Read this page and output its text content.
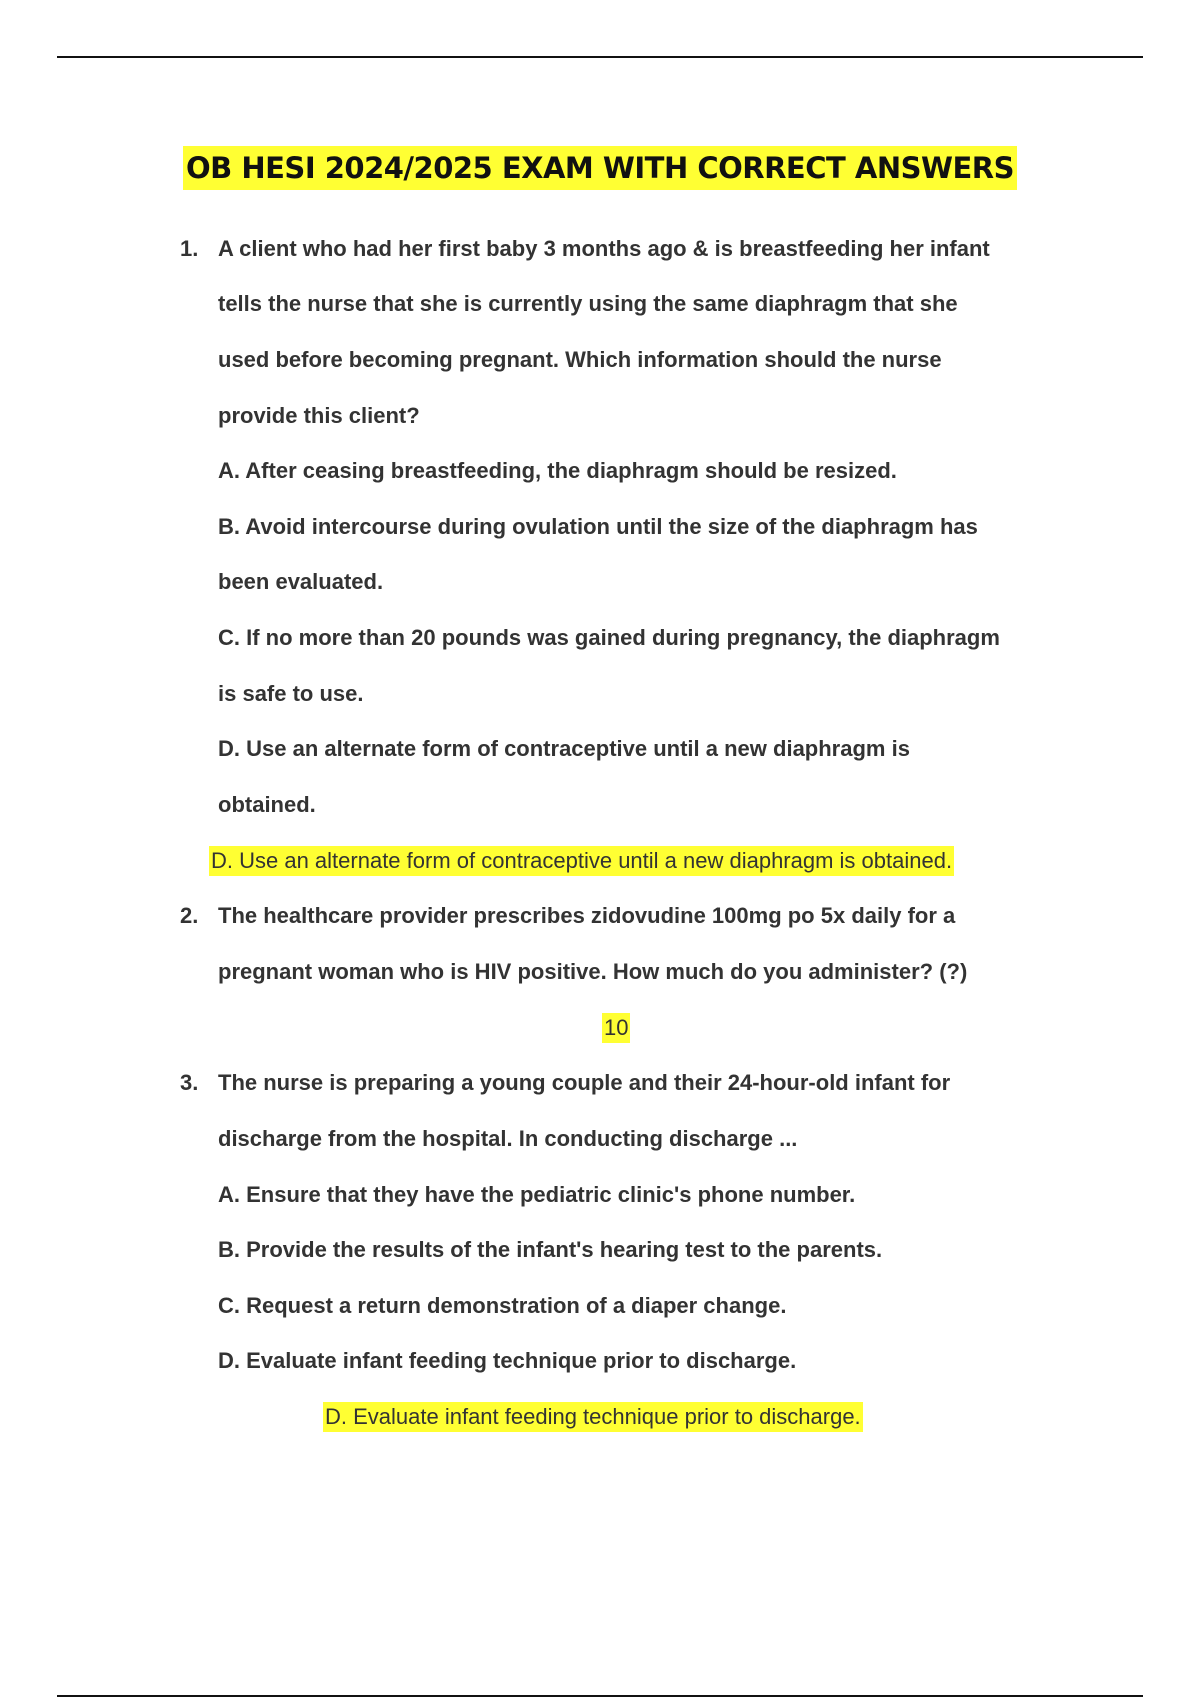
OB HESI 2024/2025 EXAM WITH CORRECT ANSWERS
1. A client who had her first baby 3 months ago & is breastfeeding her infant
tells the nurse that she is currently using the same diaphragm that she
used before becoming pregnant. Which information should the nurse
provide this client?
A. After ceasing breastfeeding, the diaphragm should be resized.
B. Avoid intercourse during ovulation until the size of the diaphragm has
been evaluated.
C. If no more than 20 pounds was gained during pregnancy, the diaphragm
is safe to use.
D. Use an alternate form of contraceptive until a new diaphragm is
obtained.
D. Use an alternate form of contraceptive until a new diaphragm is obtained.
2. The healthcare provider prescribes zidovudine 100mg po 5x daily for a
pregnant woman who is HIV positive. How much do you administer? (?)
10
3. The nurse is preparing a young couple and their 24-hour-old infant for
discharge from the hospital. In conducting discharge ...
A. Ensure that they have the pediatric clinic's phone number.
B. Provide the results of the infant's hearing test to the parents.
C. Request a return demonstration of a diaper change.
D. Evaluate infant feeding technique prior to discharge.
D. Evaluate infant feeding technique prior to discharge.
